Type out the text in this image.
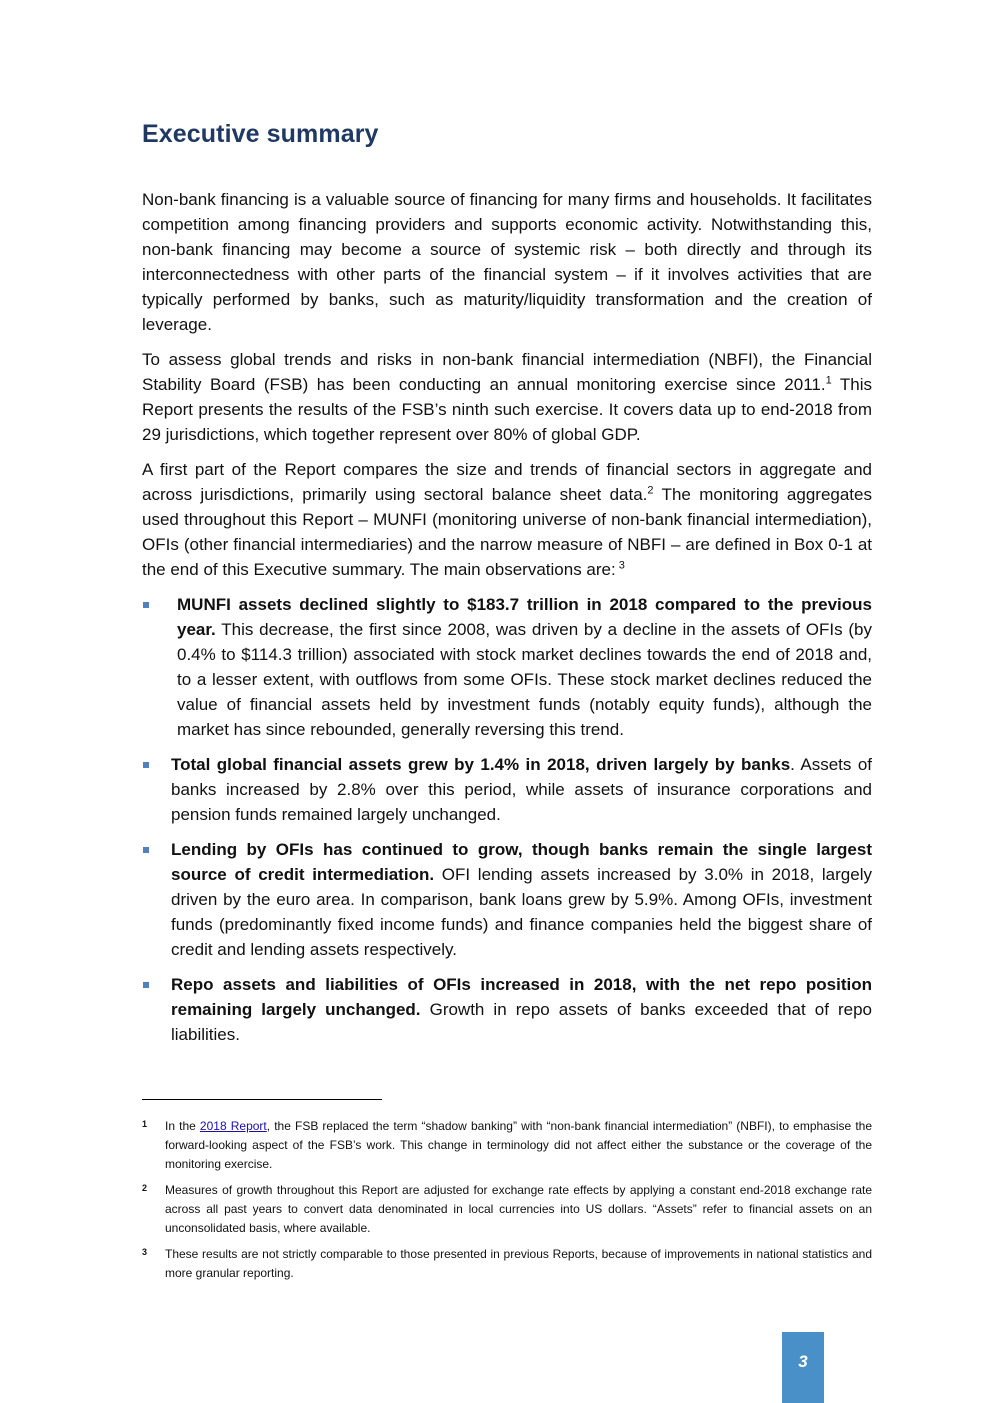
Executive summary

Non-bank financing is a valuable source of financing for many firms and households. It facilitates competition among financing providers and supports economic activity. Notwithstanding this, non-bank financing may become a source of systemic risk – both directly and through its interconnectedness with other parts of the financial system – if it involves activities that are typically performed by banks, such as maturity/liquidity transformation and the creation of leverage.

To assess global trends and risks in non-bank financial intermediation (NBFI), the Financial Stability Board (FSB) has been conducting an annual monitoring exercise since 2011.$^1$ This Report presents the results of the FSB’s ninth such exercise. It covers data up to end-2018 from 29 jurisdictions, which together represent over 80% of global GDP.

A first part of the Report compares the size and trends of financial sectors in aggregate and across jurisdictions, primarily using sectoral balance sheet data.$^2$ The monitoring aggregates used throughout this Report – MUNFI (monitoring universe of non-bank financial intermediation), OFIs (other financial intermediaries) and the narrow measure of NBFI – are defined in Box 0-1 at the end of this Executive summary. The main observations are: $^3$

MUNFI assets declined slightly to $183.7 trillion in 2018 compared to the previous year. This decrease, the first since 2008, was driven by a decline in the assets of OFIs (by 0.4% to $114.3 trillion) associated with stock market declines towards the end of 2018 and, to a lesser extent, with outflows from some OFIs. These stock market declines reduced the value of financial assets held by investment funds (notably equity funds), although the market has since rebounded, generally reversing this trend.
Total global financial assets grew by 1.4% in 2018, driven largely by banks. Assets of banks increased by 2.8% over this period, while assets of insurance corporations and pension funds remained largely unchanged.
Lending by OFIs has continued to grow, though banks remain the single largest source of credit intermediation. OFI lending assets increased by 3.0% in 2018, largely driven by the euro area. In comparison, bank loans grew by 5.9%. Among OFIs, investment funds (predominantly fixed income funds) and finance companies held the biggest share of credit and lending assets respectively.
Repo assets and liabilities of OFIs increased in 2018, with the net repo position remaining largely unchanged. Growth in repo assets of banks exceeded that of repo liabilities.
1 In the 2018 Report, the FSB replaced the term “shadow banking” with “non-bank financial intermediation” (NBFI), to emphasise the forward-looking aspect of the FSB’s work. This change in terminology did not affect either the substance or the coverage of the monitoring exercise.
2 Measures of growth throughout this Report are adjusted for exchange rate effects by applying a constant end-2018 exchange rate across all past years to convert data denominated in local currencies into US dollars. “Assets” refer to financial assets on an unconsolidated basis, where available.
3 These results are not strictly comparable to those presented in previous Reports, because of improvements in national statistics and more granular reporting.
3
